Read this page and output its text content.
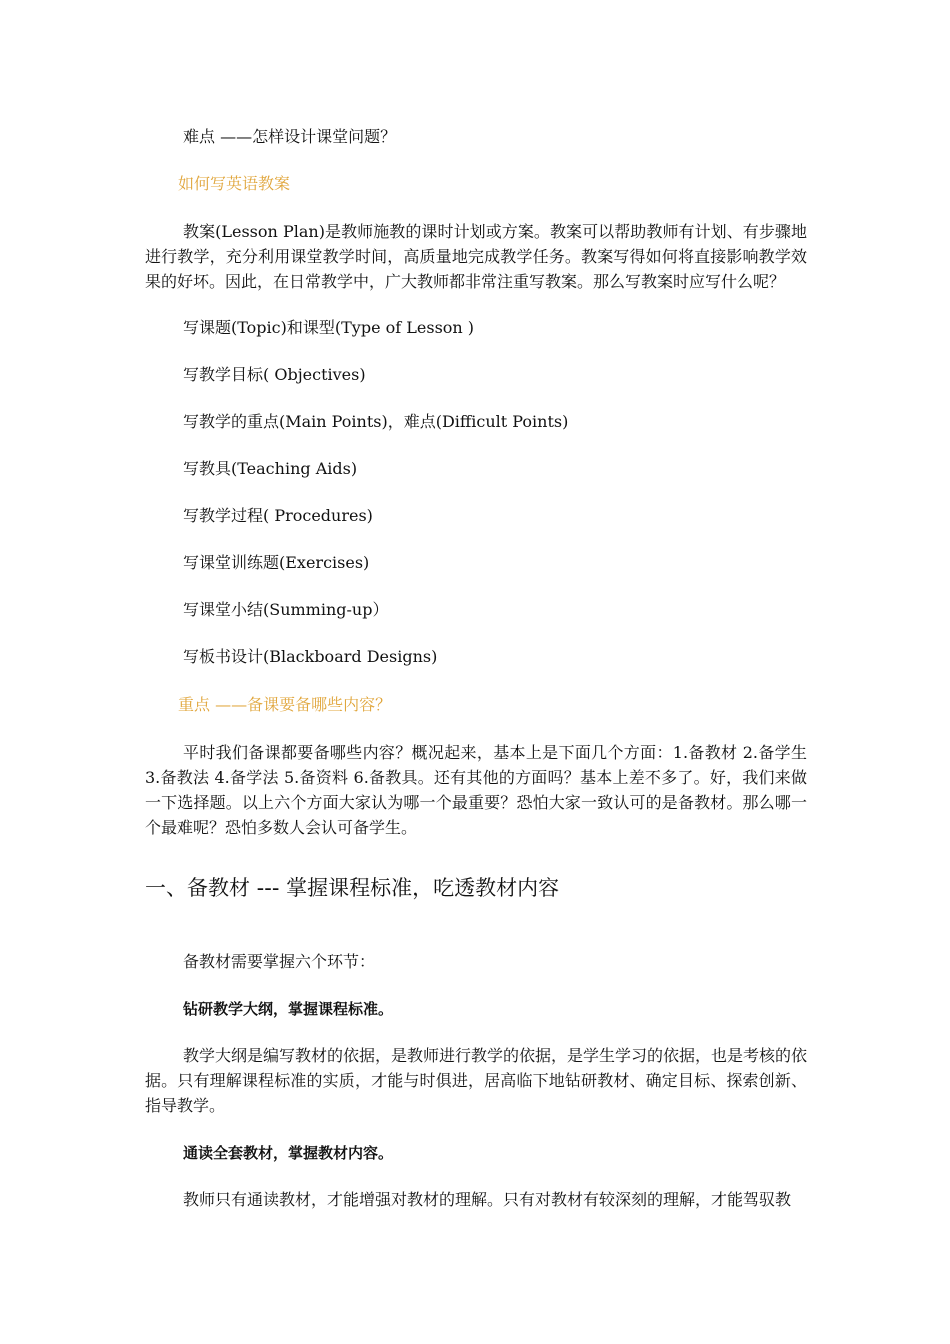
难点 ——怎样设计课堂问题？

如何写英语教案

教案(Lesson Plan)是教师施教的课时计划或方案。教案可以帮助教师有计划、有步骤地进行教学，充分利用课堂教学时间，高质量地完成教学任务。教案写得如何将直接影响教学效果的好坏。因此，在日常教学中，广大教师都非常注重写教案。那么写教案时应写什么呢？

写课题(Topic)和课型(Type of Lesson )

写教学目标( Objectives)

写教学的重点(Main Points)，难点(Difficult Points)

写教具(Teaching Aids)

写教学过程( Procedures)

写课堂训练题(Exercises)

写课堂小结(Summing-up）

写板书设计(Blackboard Designs)

重点 ——备课要备哪些内容？

平时我们备课都要备哪些内容？概况起来，基本上是下面几个方面：1.备教材 2.备学生 3.备教法 4.备学法 5.备资料 6.备教具。还有其他的方面吗？基本上差不多了。好，我们来做一下选择题。以上六个方面大家认为哪一个最重要？恐怕大家一致认可的是备教材。那么哪一个最难呢？恐怕多数人会认可备学生。

一、备教材 --- 掌握课程标准，吃透教材内容

备教材需要掌握六个环节：

钻研教学大纲，掌握课程标准。

教学大纲是编写教材的依据，是教师进行教学的依据，是学生学习的依据，也是考核的依据。只有理解课程标准的实质，才能与时俱进，居高临下地钻研教材、确定目标、探索创新、指导教学。

通读全套教材，掌握教材内容。

教师只有通读教材，才能增强对教材的理解。只有对教材有较深刻的理解，才能驾驭教
